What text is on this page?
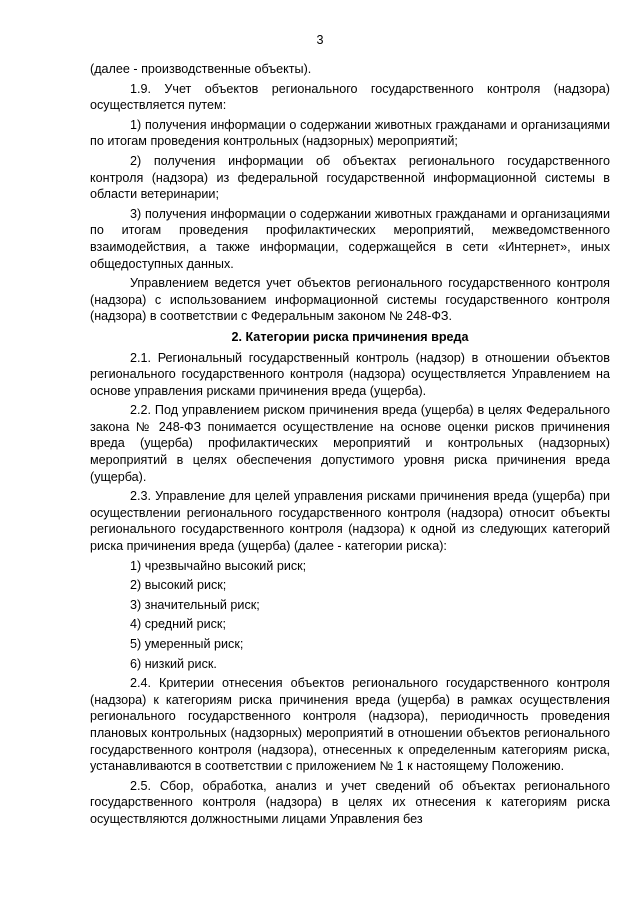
3

(далее - производственные объекты).

1.9. Учет объектов регионального государственного контроля (надзора) осуществляется путем:

1) получения информации о содержании животных гражданами и организациями по итогам проведения контрольных (надзорных) мероприятий;

2) получения информации об объектах регионального государственного контроля (надзора) из федеральной государственной информационной системы в области ветеринарии;

3) получения информации о содержании животных гражданами и организациями по итогам проведения профилактических мероприятий, межведомственного взаимодействия, а также информации, содержащейся в сети «Интернет», иных общедоступных данных.

Управлением ведется учет объектов регионального государственного контроля (надзора) с использованием информационной системы государственного контроля (надзора) в соответствии с Федеральным законом № 248-ФЗ.

2. Категории риска причинения вреда

2.1. Региональный государственный контроль (надзор) в отношении объектов регионального государственного контроля (надзора) осуществляется Управлением на основе управления рисками причинения вреда (ущерба).

2.2. Под управлением риском причинения вреда (ущерба) в целях Федерального закона № 248-ФЗ понимается осуществление на основе оценки рисков причинения вреда (ущерба) профилактических мероприятий и контрольных (надзорных) мероприятий в целях обеспечения допустимого уровня риска причинения вреда (ущерба).

2.3. Управление для целей управления рисками причинения вреда (ущерба) при осуществлении регионального государственного контроля (надзора) относит объекты регионального государственного контроля (надзора) к одной из следующих категорий риска причинения вреда (ущерба) (далее - категории риска):

1) чрезвычайно высокий риск;

2) высокий риск;

3) значительный риск;

4) средний риск;

5) умеренный риск;

6) низкий риск.

2.4. Критерии отнесения объектов регионального государственного контроля (надзора) к категориям риска причинения вреда (ущерба) в рамках осуществления регионального государственного контроля (надзора), периодичность проведения плановых контрольных (надзорных) мероприятий в отношении объектов регионального государственного контроля (надзора), отнесенных к определенным категориям риска, устанавливаются в соответствии с приложением № 1 к настоящему Положению.

2.5. Сбор, обработка, анализ и учет сведений об объектах регионального государственного контроля (надзора) в целях их отнесения к категориям риска осуществляются должностными лицами Управления без
